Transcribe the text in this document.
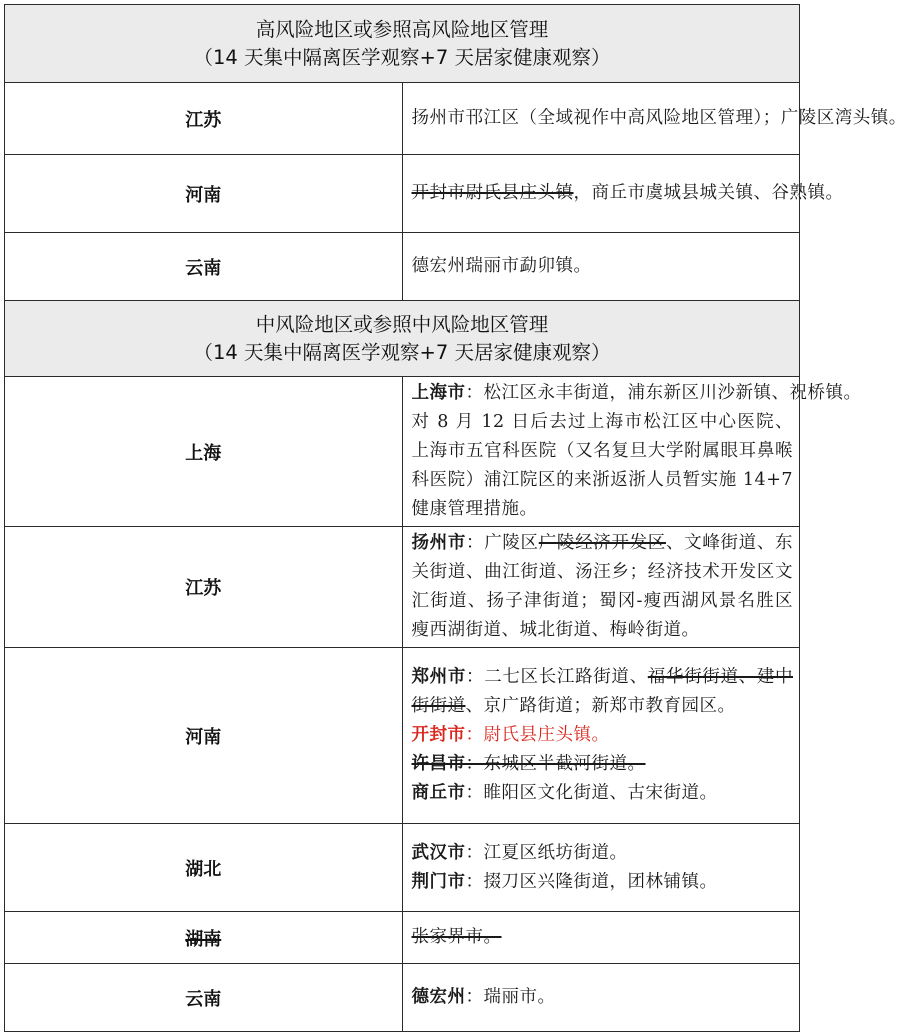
高风险地区或参照高风险地区管理
（14 天集中隔离医学观察+7 天居家健康观察）	

江苏	扬州市邗江区（全域视作中高风险地区管理）；广陵区湾头镇。

河南	开封市尉氏县庄头镇，商丘市虞城县城关镇、谷熟镇。

云南	德宏州瑞丽市勐卯镇。

中风险地区或参照中风险地区管理
（14 天集中隔离医学观察+7 天居家健康观察）	

上海	上海市：松江区永丰街道，浦东新区川沙新镇、祝桥镇。
对 8 月 12 日后去过上海市松江区中心医院、上海市五官科医院（又名复旦大学附属眼耳鼻喉科医院）浦江院区的来浙返浙人员暂实施 14+7 健康管理措施。

江苏	扬州市：广陵区广陵经济开发区、文峰街道、东关街道、曲江街道、汤汪乡；经济技术开发区文汇街道、扬子津街道；蜀冈-瘦西湖风景名胜区瘦西湖街道、城北街道、梅岭街道。

河南	郑州市：二七区长江路街道、福华街街道、建中街街道、京广路街道；新郑市教育园区。
开封市：尉氏县庄头镇。
许昌市：东城区半截河街道。
商丘市：睢阳区文化街道、古宋街道。

湖北	武汉市：江夏区纸坊街道。
荆门市：掇刀区兴隆街道，团林铺镇。

湖南	张家界市。

云南	德宏州：瑞丽市。
